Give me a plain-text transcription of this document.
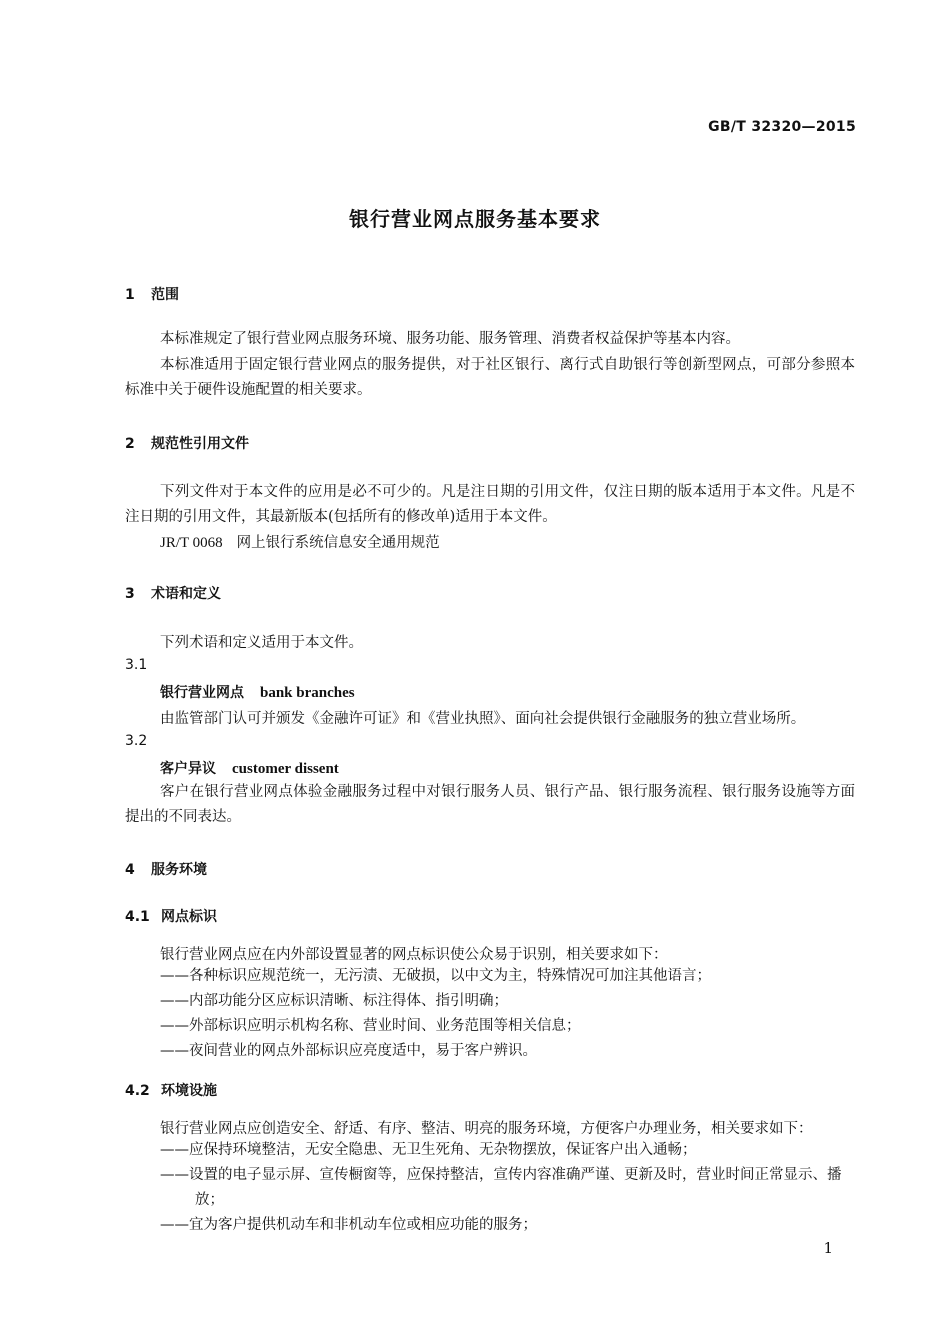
GB/T 32320—2015
银行营业网点服务基本要求
1 范围
本标准规定了银行营业网点服务环境、服务功能、服务管理、消费者权益保护等基本内容。
本标准适用于固定银行营业网点的服务提供，对于社区银行、离行式自助银行等创新型网点，可部分参照本标准中关于硬件设施配置的相关要求。
2 规范性引用文件
下列文件对于本文件的应用是必不可少的。凡是注日期的引用文件，仅注日期的版本适用于本文件。凡是不注日期的引用文件，其最新版本(包括所有的修改单)适用于本文件。
JR/T 0068 网上银行系统信息安全通用规范
3 术语和定义
下列术语和定义适用于本文件。
3.1
银行营业网点 bank branches
由监管部门认可并颁发《金融许可证》和《营业执照》、面向社会提供银行金融服务的独立营业场所。
3.2
客户异议 customer dissent
客户在银行营业网点体验金融服务过程中对银行服务人员、银行产品、银行服务流程、银行服务设施等方面提出的不同表达。
4 服务环境
4.1 网点标识
银行营业网点应在内外部设置显著的网点标识使公众易于识别，相关要求如下：
——各种标识应规范统一，无污渍、无破损，以中文为主，特殊情况可加注其他语言；
——内部功能分区应标识清晰、标注得体、指引明确；
——外部标识应明示机构名称、营业时间、业务范围等相关信息；
——夜间营业的网点外部标识应亮度适中，易于客户辨识。
4.2 环境设施
银行营业网点应创造安全、舒适、有序、整洁、明亮的服务环境，方便客户办理业务，相关要求如下：
——应保持环境整洁，无安全隐患、无卫生死角、无杂物摆放，保证客户出入通畅；
——设置的电子显示屏、宣传橱窗等，应保持整洁，宣传内容准确严谨、更新及时，营业时间正常显示、播放；
——宜为客户提供机动车和非机动车位或相应功能的服务；
1
